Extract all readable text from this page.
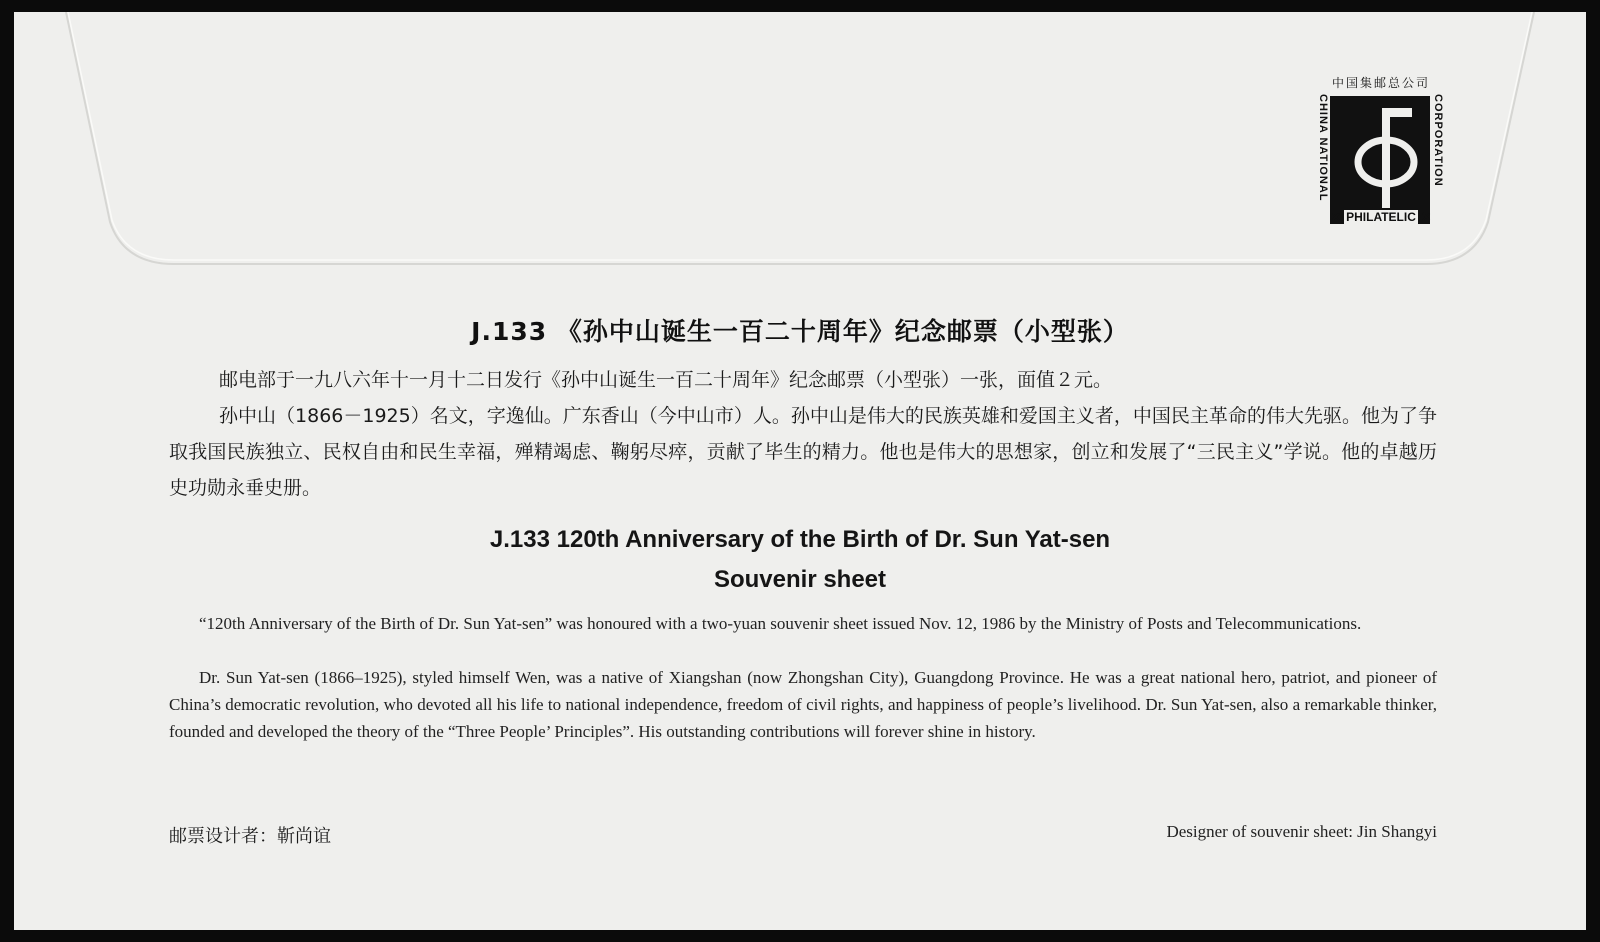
中国集邮总公司
CHINA NATIONAL	CORPORATION
✕ PHILATELIC ✕
J.133 《孙中山诞生一百二十周年》纪念邮票（小型张）

邮电部于一九八六年十一月十二日发行《孙中山诞生一百二十周年》纪念邮票（小型张）一张，面值２元。

孙中山（1866－1925）名文，字逸仙。广东香山（今中山市）人。孙中山是伟大的民族英雄和爱国主义者，中国民主革命的伟大先驱。他为了争取我国民族独立、民权自由和民生幸福，殚精竭虑、鞠躬尽瘁，贡献了毕生的精力。他也是伟大的思想家，创立和发展了“三民主义”学说。他的卓越历史功勋永垂史册。

J.133 120th Anniversary of the Birth of Dr. Sun Yat-sen
Souvenir sheet

“120th Anniversary of the Birth of Dr. Sun Yat-sen” was honoured with a two-yuan souvenir sheet issued Nov. 12, 1986 by the Ministry of Posts and Telecommunications.

Dr. Sun Yat-sen (1866–1925), styled himself Wen, was a native of Xiangshan (now Zhongshan City), Guangdong Province. He was a great national hero, patriot, and pioneer of China’s democratic revolution, who devoted all his life to national independence, freedom of civil rights, and happiness of people’s livelihood. Dr. Sun Yat-sen, also a remarkable thinker, founded and developed the theory of the “Three People’ Principles”. His outstanding contributions will forever shine in history.

邮票设计者：靳尚谊	Designer of souvenir sheet: Jin Shangyi
